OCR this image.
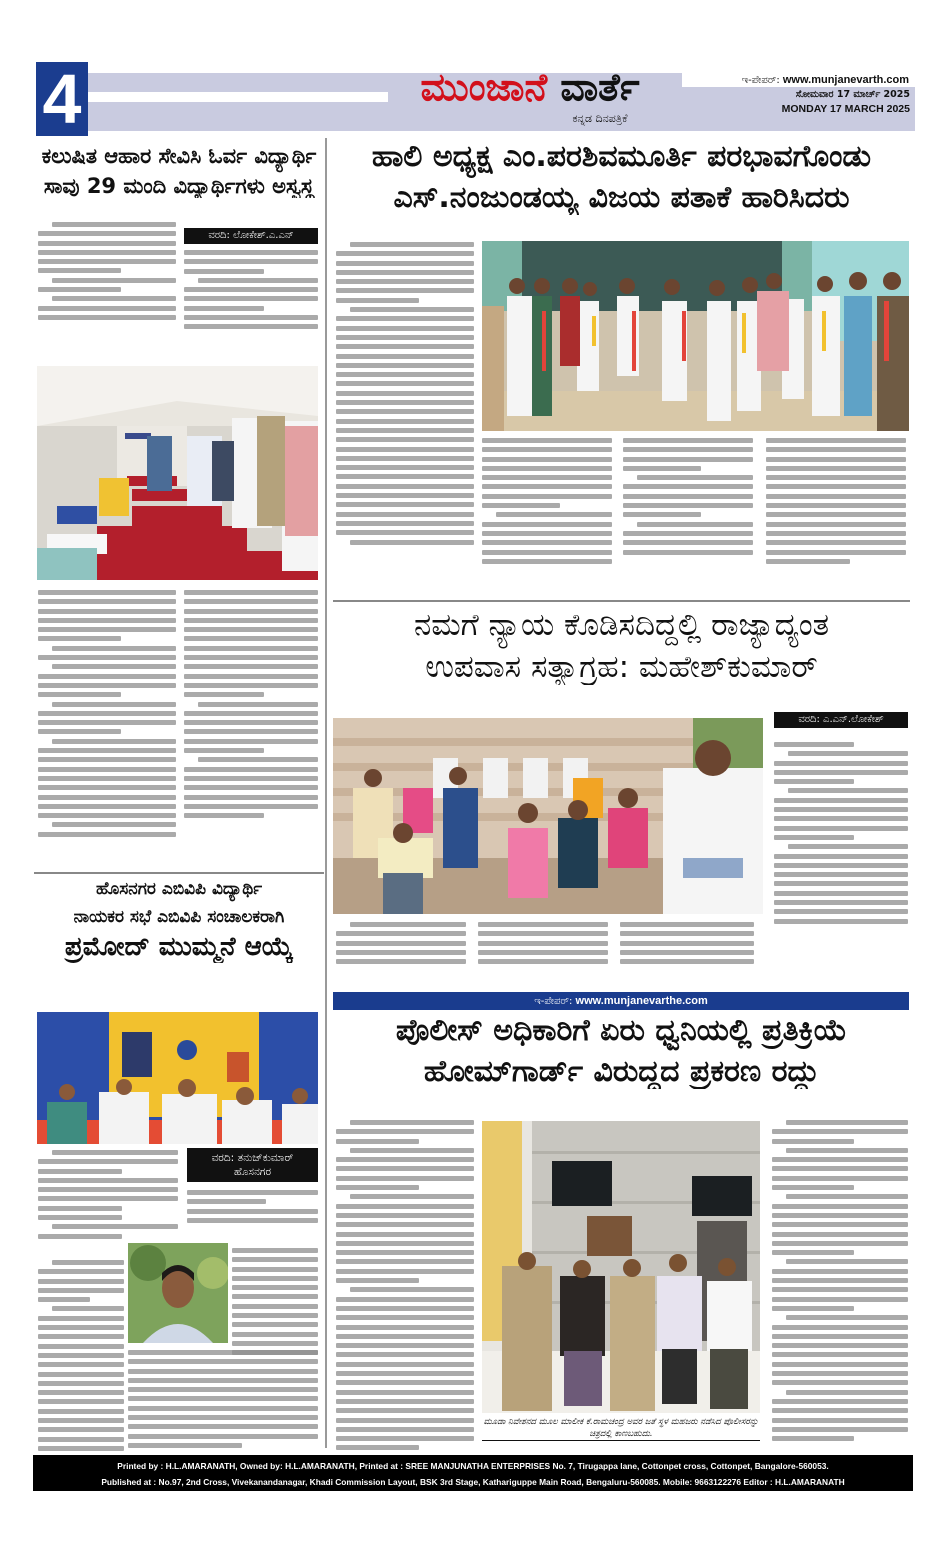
4	ಮುಂಜಾನೆ ವಾರ್ತೆ
ಕನ್ನಡ ದಿನಪತ್ರಿಕೆ
ಇ-ಪೇಪರ್: www.munjanevarth.com
ಸೋಮವಾರ 17 ಮಾರ್ಚ್ 2025
MONDAY 17 MARCH 2025
ಕಲುಷಿತ ಆಹಾರ ಸೇವಿಸಿ ಓರ್ವ ವಿದ್ಯಾರ್ಥಿ
ಸಾವು 29 ಮಂದಿ ವಿದ್ಯಾರ್ಥಿಗಳು ಅಸ್ವಸ್ಥ
ವರದಿ: ಲೋಕೇಶ್.ಎ.ಎನ್
ಹೊಸನಗರ ಎಬಿವಿಪಿ ವಿದ್ಯಾರ್ಥಿ
ನಾಯಕರ ಸಭೆ ಎಬಿವಿಪಿ ಸಂಚಾಲಕರಾಗಿ
ಪ್ರಮೋದ್ ಮುಮ್ಮನೆ ಆಯ್ಕೆ
ವರದಿ: ತನುಜ್‌ಕುಮಾರ್
ಹೊಸನಗರ
ಹಾಲಿ ಅಧ್ಯಕ್ಷ ಎಂ.ಪರಶಿವಮೂರ್ತಿ ಪರಭಾವಗೊಂಡು
ಎಸ್.ನಂಜುಂಡಯ್ಯ ವಿಜಯ ಪತಾಕೆ ಹಾರಿಸಿದರು
ನಮಗೆ ನ್ಯಾಯ ಕೊಡಿಸದಿದ್ದಲ್ಲಿ ರಾಜ್ಯಾದ್ಯಂತ
ಉಪವಾಸ ಸತ್ಯಾಗ್ರಹ: ಮಹೇಶ್‌ಕುಮಾರ್
ವರದಿ: ಎ.ಎನ್.ಲೋಕೇಶ್
ಇ-ಪೇಪರ್: www.munjanevarthe.com
ಪೊಲೀಸ್ ಅಧಿಕಾರಿಗೆ ಏರು ಧ್ವನಿಯಲ್ಲಿ ಪ್ರತಿಕ್ರಿಯೆ
ಹೋಮ್‌ಗಾರ್ಡ್ ವಿರುದ್ಧದ ಪ್ರಕರಣ ರದ್ದು
ಮೂಡಾ ನಿವೇಶನದ ಮೂಲ ಮಾಲೀಕ ಕೆ.ರಾಮಚಂದ್ರ ಅವರ ಜತೆ ಸ್ಥಳ ಮಹಜರು ನಡೆಸಿದ ಪೊಲೀಸರನ್ನು ಚಿತ್ರದಲ್ಲಿ ಕಾಣಬಹುದು.
Printed by : H.L.AMARANATH, Owned by: H.L.AMARANATH, Printed at : SREE MANJUNATHA ENTERPRISES No. 7, Tirugappa lane, Cottonpet cross, Cottonpet, Bangalore-560053.
Published at : No.97, 2nd Cross, Vivekanandanagar, Khadi Commission Layout, BSK 3rd Stage, Kathariguppe Main Road, Bengaluru-560085. Mobile: 9663122276 Editor : H.L.AMARANATH
